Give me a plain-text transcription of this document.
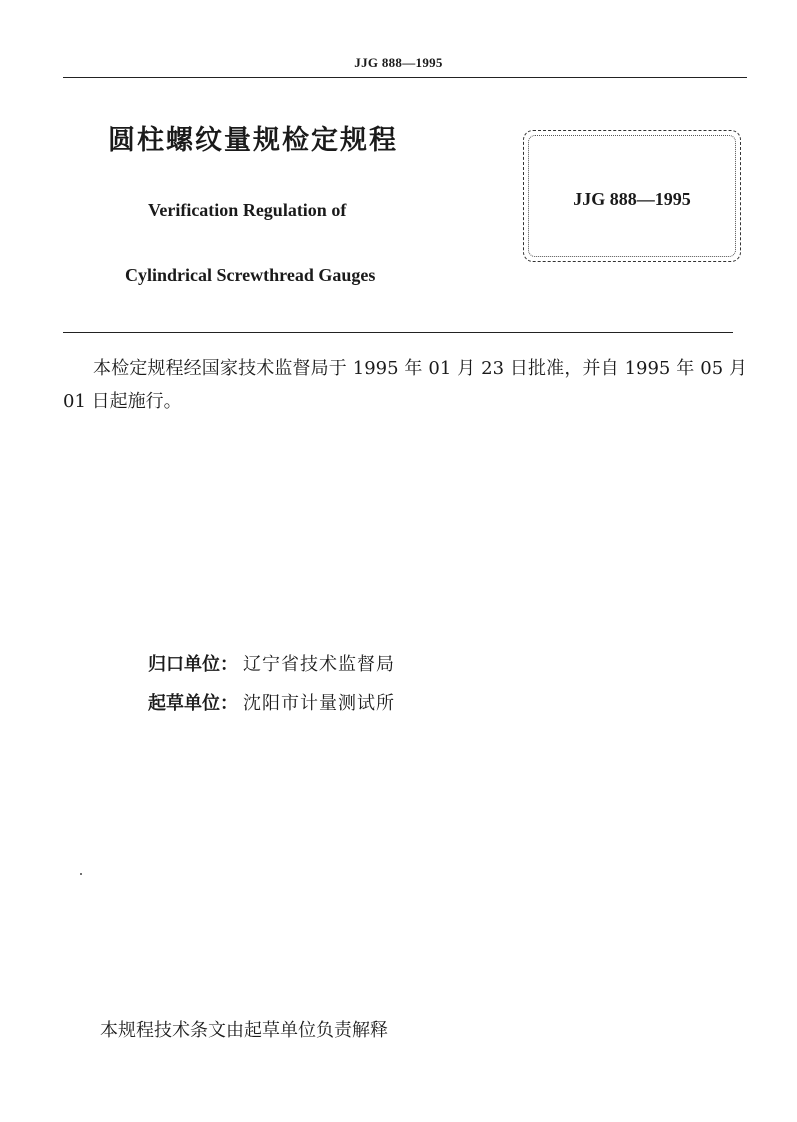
JJG 888—1995
圆柱螺纹量规检定规程
Verification Regulation of
Cylindrical Screwthread Gauges
JJG 888—1995
本检定规程经国家技术监督局于 1995 年 01 月 23 日批准，并自 1995 年 05 月 01 日起施行。
归口单位： 辽宁省技术监督局
起草单位： 沈阳市计量测试所
本规程技术条文由起草单位负责解释
